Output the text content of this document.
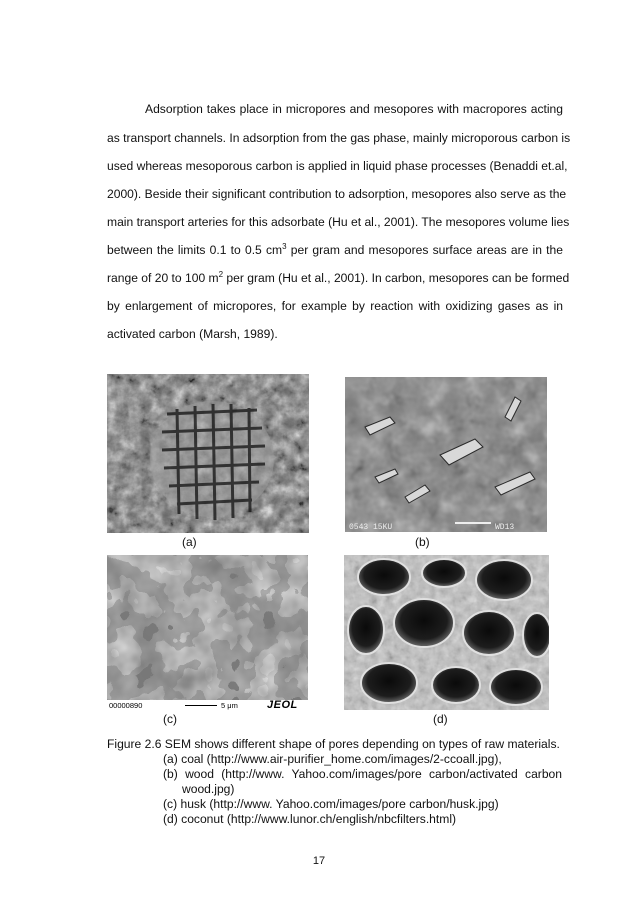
Adsorption takes place in micropores and mesopores with macropores acting
as transport channels. In adsorption from the gas phase, mainly microporous carbon is
used whereas mesoporous carbon is applied in liquid phase processes (Benaddi et.al,
2000). Beside their significant contribution to adsorption, mesopores also serve as the
main transport arteries for this adsorbate (Hu et al., 2001). The mesopores volume lies
between the limits 0.1 to 0.5 $cm^3$ per gram and mesopores surface areas are in the
range of 20 to 100 $m^2$ per gram (Hu et al., 2001). In carbon, mesopores can be formed
by enlargement of micropores, for example by reaction with oxidizing gases as in
activated carbon (Marsh, 1989).
(a)
0543 15KU	WD13
(b)
00000890	5 μm	JEOL
(c)	(d)
Figure 2.6 SEM shows different shape of pores depending on types of raw materials.
(a) coal (http://www.air-purifier_home.com/images/2-ccoall.jpg),
(b) wood (http://www. Yahoo.com/images/pore carbon/activated carbon
wood.jpg)
(c) husk (http://www. Yahoo.com/images/pore carbon/husk.jpg)
(d) coconut (http://www.lunor.ch/english/nbcfilters.html)
17
